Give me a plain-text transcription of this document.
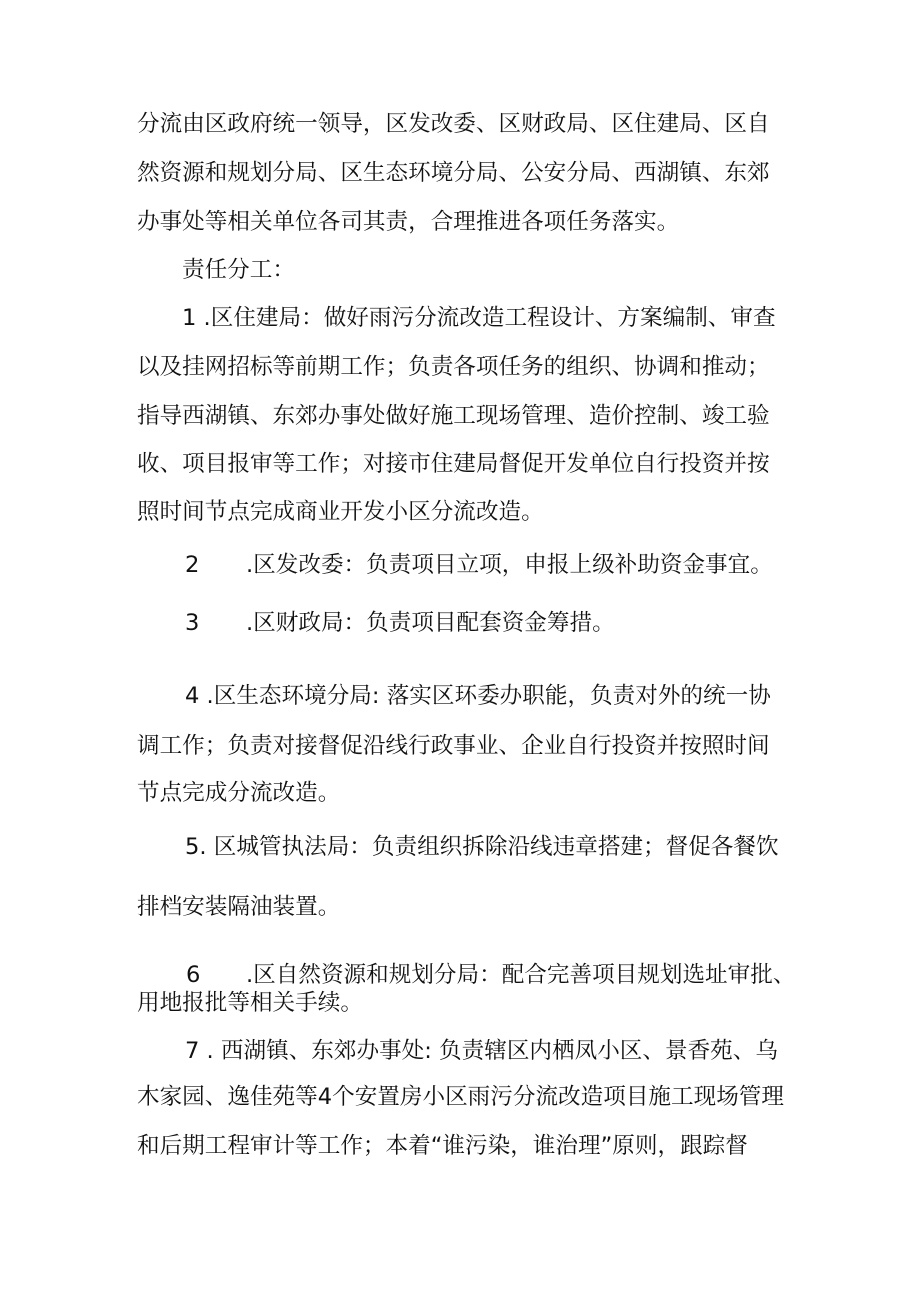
分流由区政府统一领导，区发改委、区财政局、区住建局、区自
然资源和规划分局、区生态环境分局、公安分局、西湖镇、东郊
办事处等相关单位各司其责，合理推进各项任务落实。
责任分工：
1 .区住建局：做好雨污分流改造工程设计、方案编制、审查
以及挂网招标等前期工作；负责各项任务的组织、协调和推动；
指导西湖镇、东郊办事处做好施工现场管理、造价控制、竣工验
收、项目报审等工作；对接市住建局督促开发单位自行投资并按
照时间节点完成商业开发小区分流改造。
2 .区发改委：负责项目立项，申报上级补助资金事宜。
3 .区财政局：负责项目配套资金筹措。
4 .区生态环境分局: 落实区环委办职能，负责对外的统一协
调工作；负责对接督促沿线行政事业、企业自行投资并按照时间
节点完成分流改造。
5. 区城管执法局：负责组织拆除沿线违章搭建；督促各餐饮
排档安装隔油装置。
6 .区自然资源和规划分局：配合完善项目规划选址审批、
用地报批等相关手续。
7 . 西湖镇、东郊办事处: 负责辖区内栖凤小区、景香苑、乌
木家园、逸佳苑等4个安置房小区雨污分流改造项目施工现场管理
和后期工程审计等工作；本着“谁污染，谁治理”原则，跟踪督
